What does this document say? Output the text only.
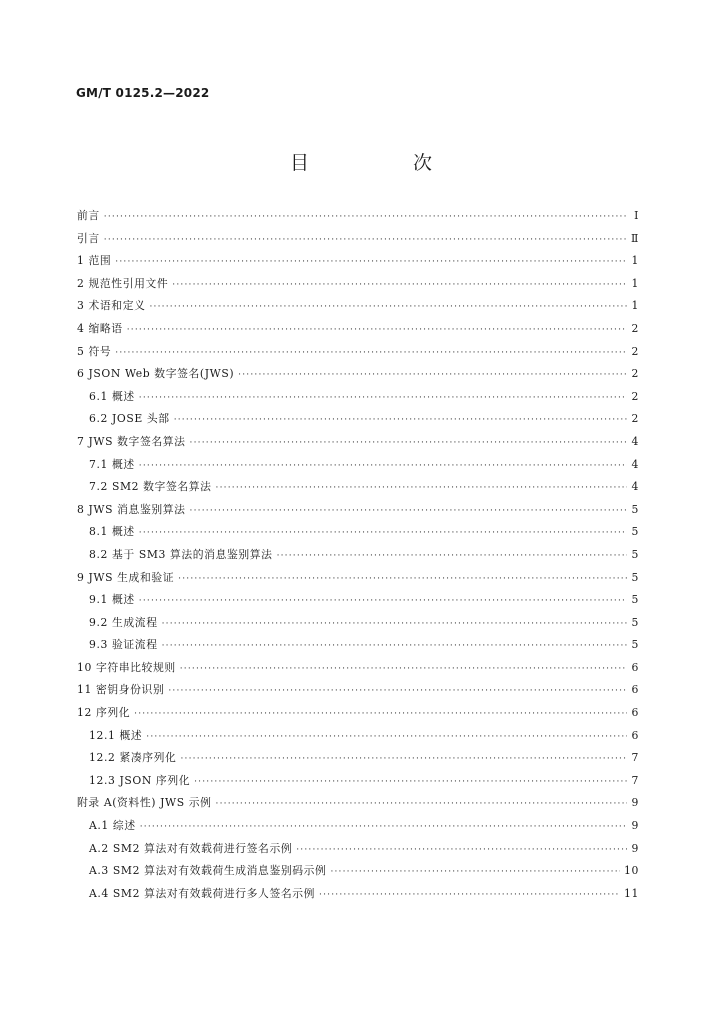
GM/T 0125.2—2022
目 次
前言 ·····	Ⅰ
引言 ·····	Ⅱ
1 范围 ·····	1
2 规范性引用文件 ·····	1
3 术语和定义 ·····	1
4 缩略语 ·····	2
5 符号 ·····	2
6 JSON Web 数字签名(JWS) ·····	2
6.1 概述 ·····	2
6.2 JOSE 头部 ·····	2
7 JWS 数字签名算法 ·····	4
7.1 概述 ·····	4
7.2 SM2 数字签名算法 ·····	4
8 JWS 消息鉴别算法 ·····	5
8.1 概述 ·····	5
8.2 基于 SM3 算法的消息鉴别算法 ·····	5
9 JWS 生成和验证 ·····	5
9.1 概述 ·····	5
9.2 生成流程 ·····	5
9.3 验证流程 ·····	5
10 字符串比较规则 ·····	6
11 密钥身份识别 ·····	6
12 序列化 ·····	6
12.1 概述 ·····	6
12.2 紧凑序列化 ·····	7
12.3 JSON 序列化 ·····	7
附录 A(资料性) JWS 示例 ·····	9
A.1 综述 ·····	9
A.2 SM2 算法对有效载荷进行签名示例 ·····	9
A.3 SM2 算法对有效载荷生成消息鉴别码示例 ·····	10
A.4 SM2 算法对有效载荷进行多人签名示例 ·····	11
